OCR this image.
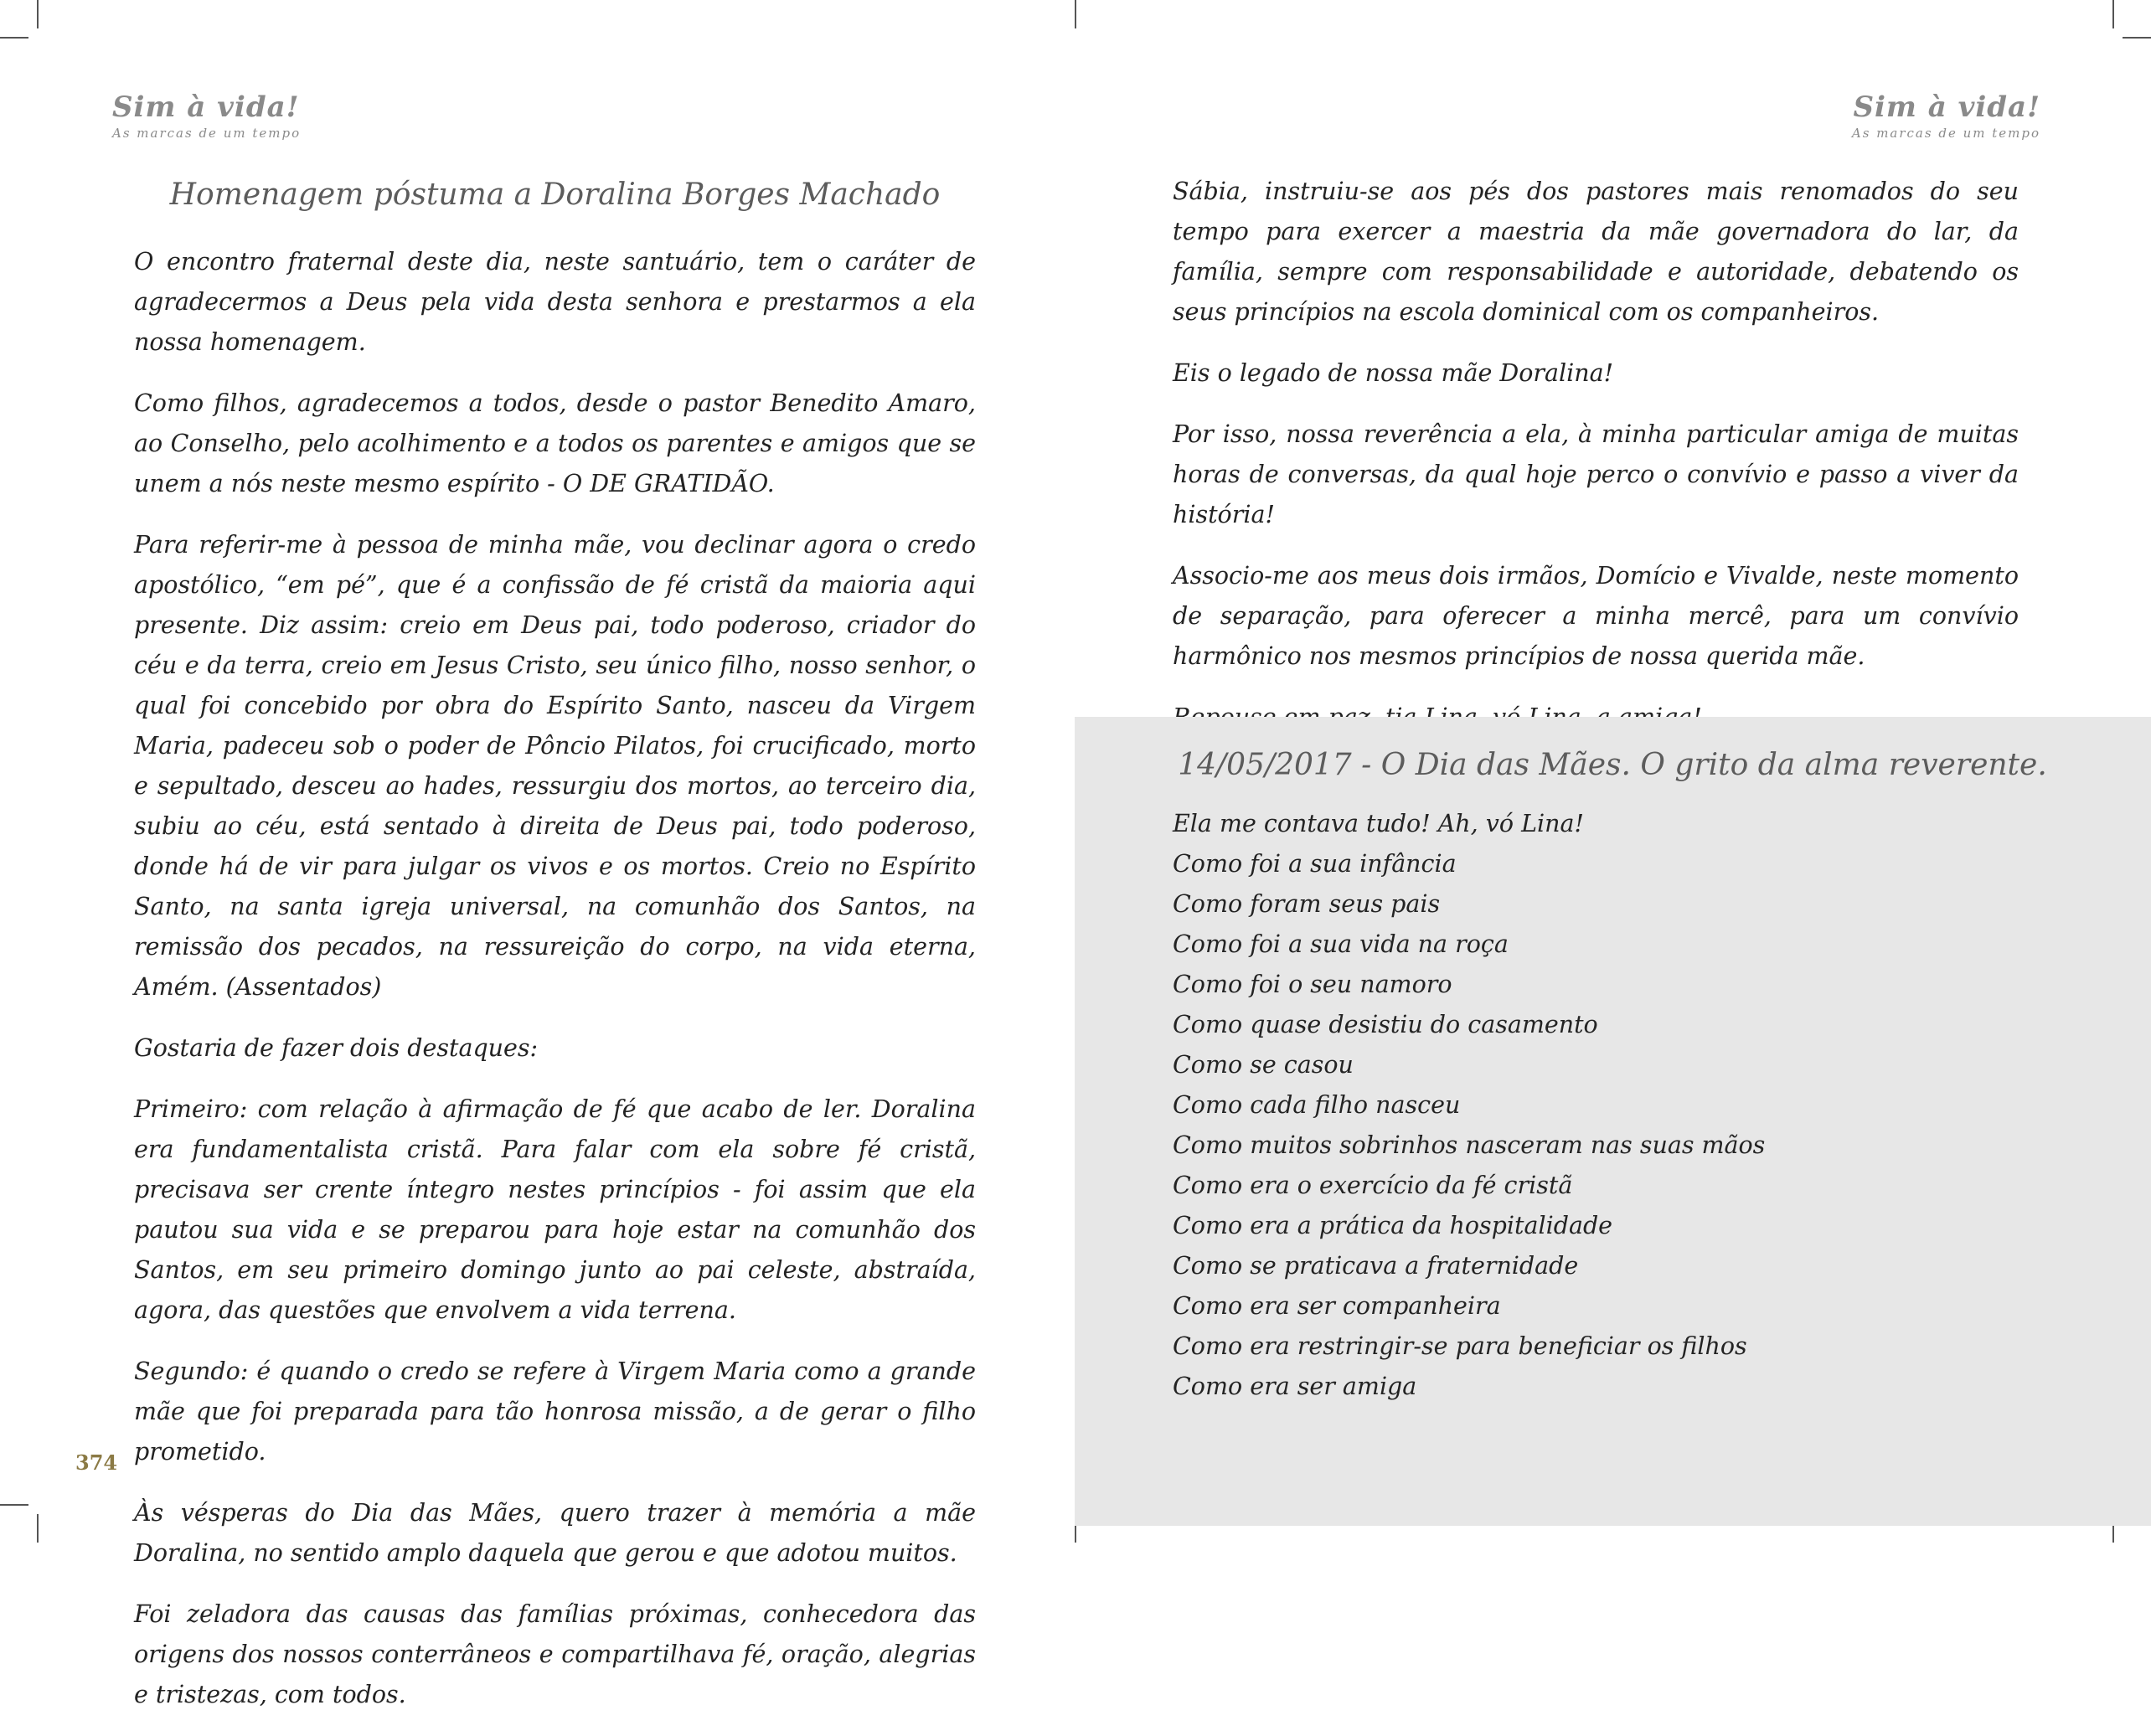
Sim à vida!
As marcas de um tempo
Sim à vida!
As marcas de um tempo
Homenagem póstuma a Doralina Borges Machado

O encontro fraternal deste dia, neste santuário, tem o caráter de agradecermos a Deus pela vida desta senhora e prestarmos a ela nossa homenagem.

Como filhos, agradecemos a todos, desde o pastor Benedito Amaro, ao Conselho, pelo acolhimento e a todos os parentes e amigos que se unem a nós neste mesmo espírito - O DE GRATIDÃO.

Para referir-me à pessoa de minha mãe, vou declinar agora o credo apostólico, “em pé”, que é a confissão de fé cristã da maioria aqui presente. Diz assim: creio em Deus pai, todo poderoso, criador do céu e da terra, creio em Jesus Cristo, seu único filho, nosso senhor, o qual foi concebido por obra do Espírito Santo, nasceu da Virgem Maria, padeceu sob o poder de Pôncio Pilatos, foi crucificado, morto e sepultado, desceu ao hades, ressurgiu dos mortos, ao terceiro dia, subiu ao céu, está sentado à direita de Deus pai, todo poderoso, donde há de vir para julgar os vivos e os mortos. Creio no Espírito Santo, na santa igreja universal, na comunhão dos Santos, na remissão dos pecados, na ressureição do corpo, na vida eterna, Amém. (Assentados)

Gostaria de fazer dois destaques:

Primeiro: com relação à afirmação de fé que acabo de ler. Doralina era fundamentalista cristã. Para falar com ela sobre fé cristã, precisava ser crente íntegro nestes princípios - foi assim que ela pautou sua vida e se preparou para hoje estar na comunhão dos Santos, em seu primeiro domingo junto ao pai celeste, abstraída, agora, das questões que envolvem a vida terrena.

Segundo: é quando o credo se refere à Virgem Maria como a grande mãe que foi preparada para tão honrosa missão, a de gerar o filho prometido.

Às vésperas do Dia das Mães, quero trazer à memória a mãe Doralina, no sentido amplo daquela que gerou e que adotou muitos.

Foi zeladora das causas das famílias próximas, conhecedora das origens dos nossos conterrâneos e compartilhava fé, oração, alegrias e tristezas, com todos.

374

Sábia, instruiu-se aos pés dos pastores mais renomados do seu tempo para exercer a maestria da mãe governadora do lar, da família, sempre com responsabilidade e autoridade, debatendo os seus princípios na escola dominical com os companheiros.

Eis o legado de nossa mãe Doralina!

Por isso, nossa reverência a ela, à minha particular amiga de muitas horas de conversas, da qual hoje perco o convívio e passo a viver da história!

Associo-me aos meus dois irmãos, Domício e Vivalde, neste momento de separação, para oferecer a minha mercê, para um convívio harmônico nos mesmos princípios de nossa querida mãe.

14/05/2017 - O Dia das Mães. O grito da alma reverente.
Ela me contava tudo! Ah, vó Lina!
Como foi a sua infância
Como foram seus pais
Como foi a sua vida na roça
Como foi o seu namoro
Como quase desistiu do casamento
Como se casou
Como cada filho nasceu
Como muitos sobrinhos nasceram nas suas mãos
Como era o exercício da fé cristã
Como era a prática da hospitalidade
Como se praticava a fraternidade
Como era ser companheira
Como era restringir-se para beneficiar os filhos
Como era ser amiga
